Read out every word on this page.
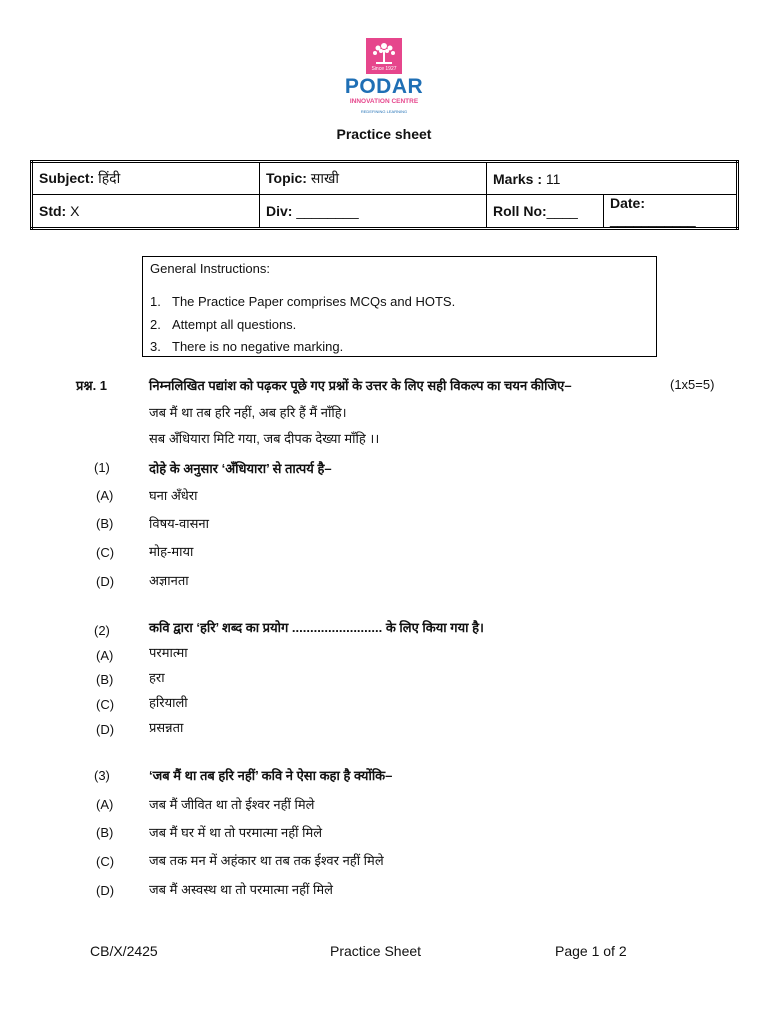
Since 1927
PODAR
INNOVATION CENTRE
REDEFINING LEARNING
Practice sheet
Subject: हिंदी	Topic: साखी	Marks : 11	
Std: X	Div: ________	Roll No:____	Date: ___________
General Instructions:
1. The Practice Paper comprises MCQs and HOTS.
2. Attempt all questions.
3. There is no negative marking.
प्रश्न. 1	निम्नलिखित पद्यांश को पढ़कर पूछे गए प्रश्नों के उत्तर के लिए सही विकल्प का चयन कीजिए–	(1x5=5)
जब मैं था तब हरि नहीं, अब हरि हैं मैं नाँहि।
सब अँधियारा मिटि गया, जब दीपक देख्या माँहि ।।
(1)	दोहे के अनुसार ‘अँधियारा’ से तात्पर्य है–
(A)	घना अँधेरा
(B)	विषय-वासना
(C)	मोह-माया
(D)	अज्ञानता
(2)	कवि द्वारा ‘हरि’ शब्द का प्रयोग ......................... के लिए किया गया है।
(A)	परमात्मा
(B)	हरा
(C)	हरियाली
(D)	प्रसन्नता
(3)	‘जब मैं था तब हरि नहीं’ कवि ने ऐसा कहा है क्योंकि–
(A)	जब मैं जीवित था तो ईश्वर नहीं मिले
(B)	जब मैं घर में था तो परमात्मा नहीं मिले
(C)	जब तक मन में अहंकार था तब तक ईश्वर नहीं मिले
(D)	जब मैं अस्वस्थ था तो परमात्मा नहीं मिले
CB/X/2425	Practice Sheet	Page 1 of 2
